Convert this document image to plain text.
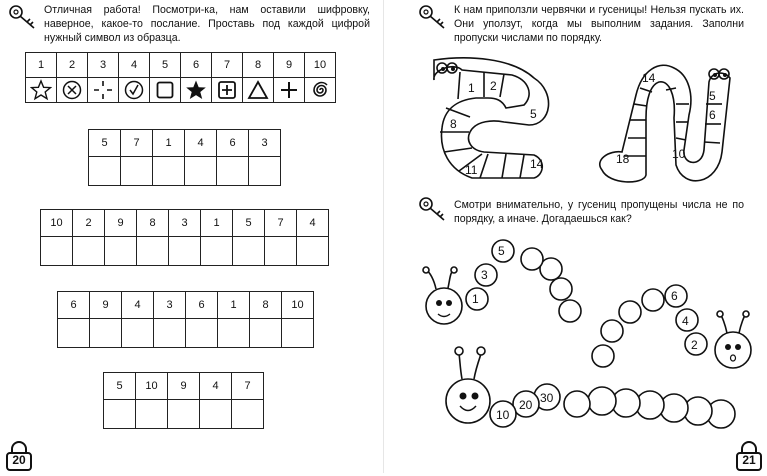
Отличная работа! Посмотри-ка, нам оставили шифровку, наверное, какое-то послание. Проставь под каждой цифрой нужный символ из образца.
1	2	3	4	5	6	7	8	9	10

5	7	1	4	6	3

10	2	9	8	3	1	5	7	4

6	9	4	3	6	1	8	10

5	10	9	4	7

20
К нам приползли червячки и гусеницы! Нельзя пускать их. Они уползут, когда мы выполним задания. Заполни пропуски числами по порядку.
1 2
5
8
11	14
5
6
14
10
18
Смотри внимательно, у гусениц пропущены числа не по порядку, а иначе. Догадаешься как?
1
3
5
2
4
6
10
20 30
21
